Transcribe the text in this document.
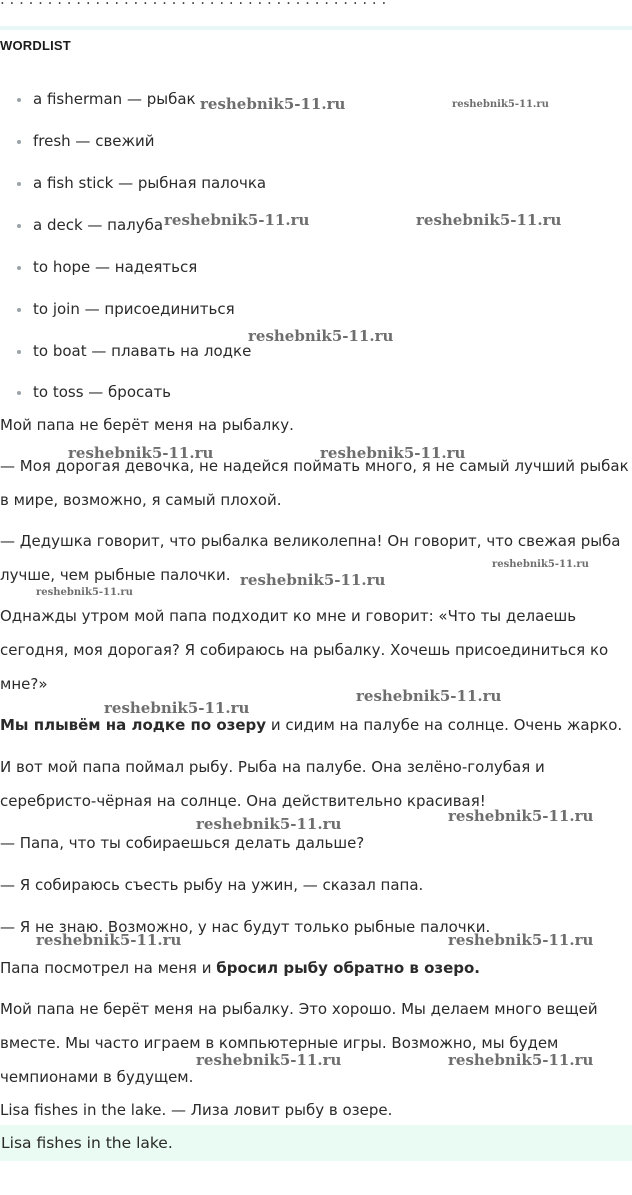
WORDLIST
a fisherman — рыбак
fresh — свежий
a fish stick — рыбная палочка
a deck — палуба
to hope — надеяться
to join — присоединиться
to boat — плавать на лодке
to toss — бросать

Мой папа не берёт меня на рыбалку.

— Моя дорогая девочка, не надейся поймать много, я не самый лучший рыбак
в мире, возможно, я самый плохой.

— Дедушка говорит, что рыбалка великолепна! Он говорит, что свежая рыба
лучше, чем рыбные палочки.

Однажды утром мой папа подходит ко мне и говорит: «Что ты делаешь
сегодня, моя дорогая? Я собираюсь на рыбалку. Хочешь присоединиться ко
мне?»

Мы плывём на лодке по озеру и сидим на палубе на солнце. Очень жарко.

И вот мой папа поймал рыбу. Рыба на палубе. Она зелёно-голубая и
серебристо-чёрная на солнце. Она действительно красивая!

— Папа, что ты собираешься делать дальше?

— Я собираюсь съесть рыбу на ужин, — сказал папа.

— Я не знаю. Возможно, у нас будут только рыбные палочки.

Папа посмотрел на меня и бросил рыбу обратно в озеро.

Мой папа не берёт меня на рыбалку. Это хорошо. Мы делаем много вещей
вместе. Мы часто играем в компьютерные игры. Возможно, мы будем
чемпионами в будущем.

Lisa fishes in the lake. — Лиза ловит рыбу в озере.

Lisa fishes in the lake.
reshebnik5-11.ru	reshebnik5-11.ru
reshebnik5-11.ru	reshebnik5-11.ru
reshebnik5-11.ru
reshebnik5-11.ru	reshebnik5-11.ru
reshebnik5-11.ru
reshebnik5-11.ru
reshebnik5-11.ru
reshebnik5-11.ru
reshebnik5-11.ru
reshebnik5-11.ru
reshebnik5-11.ru
reshebnik5-11.ru	reshebnik5-11.ru
reshebnik5-11.ru	reshebnik5-11.ru
